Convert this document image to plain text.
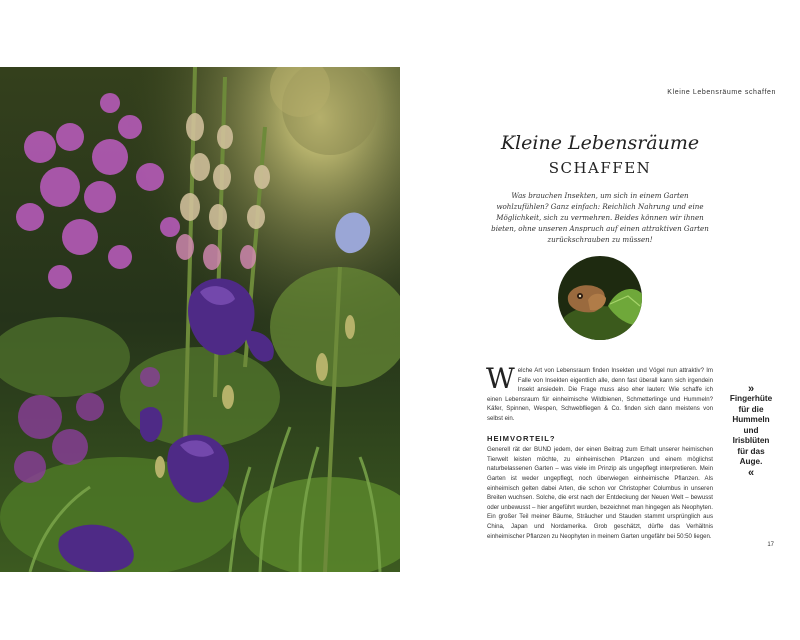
Kleine Lebensräume schaffen
Kleine Lebensräume
SCHAFFEN

Was brauchen Insekten, um sich in einem Garten wohlzufühlen? Ganz einfach: Reichlich Nahrung und eine Möglichkeit, sich zu vermehren. Beides können wir ihnen bieten, ohne unseren Anspruch auf einen attraktiven Garten zurückschrauben zu müssen!

Welche Art von Lebensraum finden Insekten und Vögel nun attraktiv? Im Falle von Insekten eigentlich alle, denn fast überall kann sich irgendein Insekt ansiedeln. Die Frage muss also eher lauten: Wie schaffe ich einen Lebensraum für einheimische Wildbienen, Schmetterlinge und Hummeln? Käfer, Spinnen, Wespen, Schwebfliegen & Co. finden sich dann meistens von selbst ein.

HEIMVORTEIL?

Generell rät der BUND jedem, der einen Beitrag zum Erhalt unserer heimischen Tierwelt leisten möchte, zu einheimischen Pflanzen und einem möglichst naturbelassenen Garten – was viele im Prinzip als ungepflegt interpretieren. Mein Garten ist weder ungepflegt, noch überwiegen einheimische Pflanzen. Als einheimisch gelten dabei Arten, die schon vor Christopher Columbus in unseren Breiten wuchsen. Solche, die erst nach der Entdeckung der Neuen Welt – bewusst oder unbewusst – hier angeführt wurden, bezeichnet man hingegen als Neophyten. Ein großer Teil meiner Bäume, Sträucher und Stauden stammt ursprünglich aus China, Japan und Nordamerika. Grob geschätzt, dürfte das Verhältnis einheimischer Pflanzen zu Neophyten in meinem Garten ungefähr bei 50:50 liegen.

»
Fingerhüte für die Hummeln und Irisblüten für das Auge.
«
17
